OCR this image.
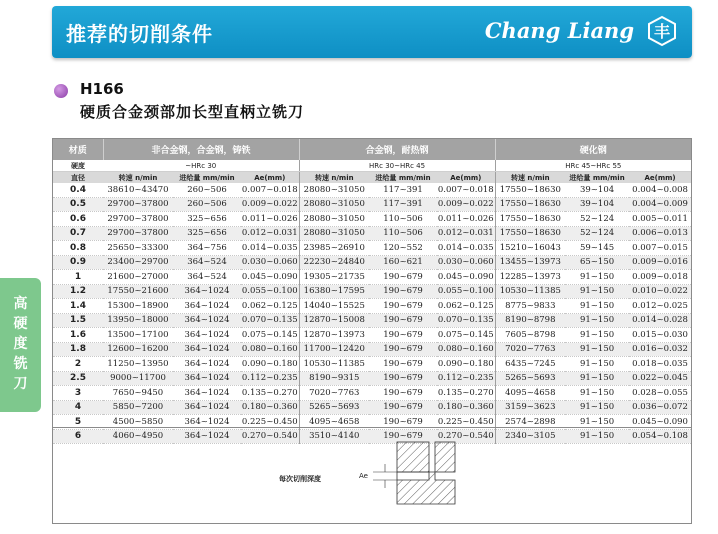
推荐的切削条件	Chang Liang 丰
H166
硬质合金颈部加长型直柄立铣刀
高
硬
度
铣
刀
材质	非合金钢，合金钢，铸铁			合金钢，耐热钢			硬化钢		
硬度	~HRc 30			HRc 30~HRc 45			HRc 45~HRc 55		
直径	转速 n/min	进给量 mm/min	Ae(mm)	转速 n/min	进给量 mm/min	Ae(mm)	转速 n/min	进给量 mm/min	Ae(mm)
0.4	38610~43470	260~506	0.007~0.018	28080~31050	117~391	0.007~0.018	17550~18630	39~104	0.004~0.008
0.5	29700~37800	260~506	0.009~0.022	28080~31050	117~391	0.009~0.022	17550~18630	39~104	0.004~0.009
0.6	29700~37800	325~656	0.011~0.026	28080~31050	110~506	0.011~0.026	17550~18630	52~124	0.005~0.011
0.7	29700~37800	325~656	0.012~0.031	28080~31050	110~506	0.012~0.031	17550~18630	52~124	0.006~0.013
0.8	25650~33300	364~756	0.014~0.035	23985~26910	120~552	0.014~0.035	15210~16043	59~145	0.007~0.015
0.9	23400~29700	364~524	0.030~0.060	22230~24840	160~621	0.030~0.060	13455~13973	65~150	0.009~0.016
1	21600~27000	364~524	0.045~0.090	19305~21735	190~679	0.045~0.090	12285~13973	91~150	0.009~0.018
1.2	17550~21600	364~1024	0.055~0.100	16380~17595	190~679	0.055~0.100	10530~11385	91~150	0.010~0.022
1.4	15300~18900	364~1024	0.062~0.125	14040~15525	190~679	0.062~0.125	8775~9833	91~150	0.012~0.025
1.5	13950~18000	364~1024	0.070~0.135	12870~15008	190~679	0.070~0.135	8190~8798	91~150	0.014~0.028
1.6	13500~17100	364~1024	0.075~0.145	12870~13973	190~679	0.075~0.145	7605~8798	91~150	0.015~0.030
1.8	12600~16200	364~1024	0.080~0.160	11700~12420	190~679	0.080~0.160	7020~7763	91~150	0.016~0.032
2	11250~13950	364~1024	0.090~0.180	10530~11385	190~679	0.090~0.180	6435~7245	91~150	0.018~0.035
2.5	9000~11700	364~1024	0.112~0.235	8190~9315	190~679	0.112~0.235	5265~5693	91~150	0.022~0.045
3	7650~9450	364~1024	0.135~0.270	7020~7763	190~679	0.135~0.270	4095~4658	91~150	0.028~0.055
4	5850~7200	364~1024	0.180~0.360	5265~5693	190~679	0.180~0.360	3159~3623	91~150	0.036~0.072
5	4500~5850	364~1024	0.225~0.450	4095~4658	190~679	0.225~0.450	2574~2898	91~150	0.045~0.090
6	4060~4950	364~1024	0.270~0.540	3510~4140	190~679	0.270~0.540	2340~3105	91~150	0.054~0.108
每次切削深度	Ae
